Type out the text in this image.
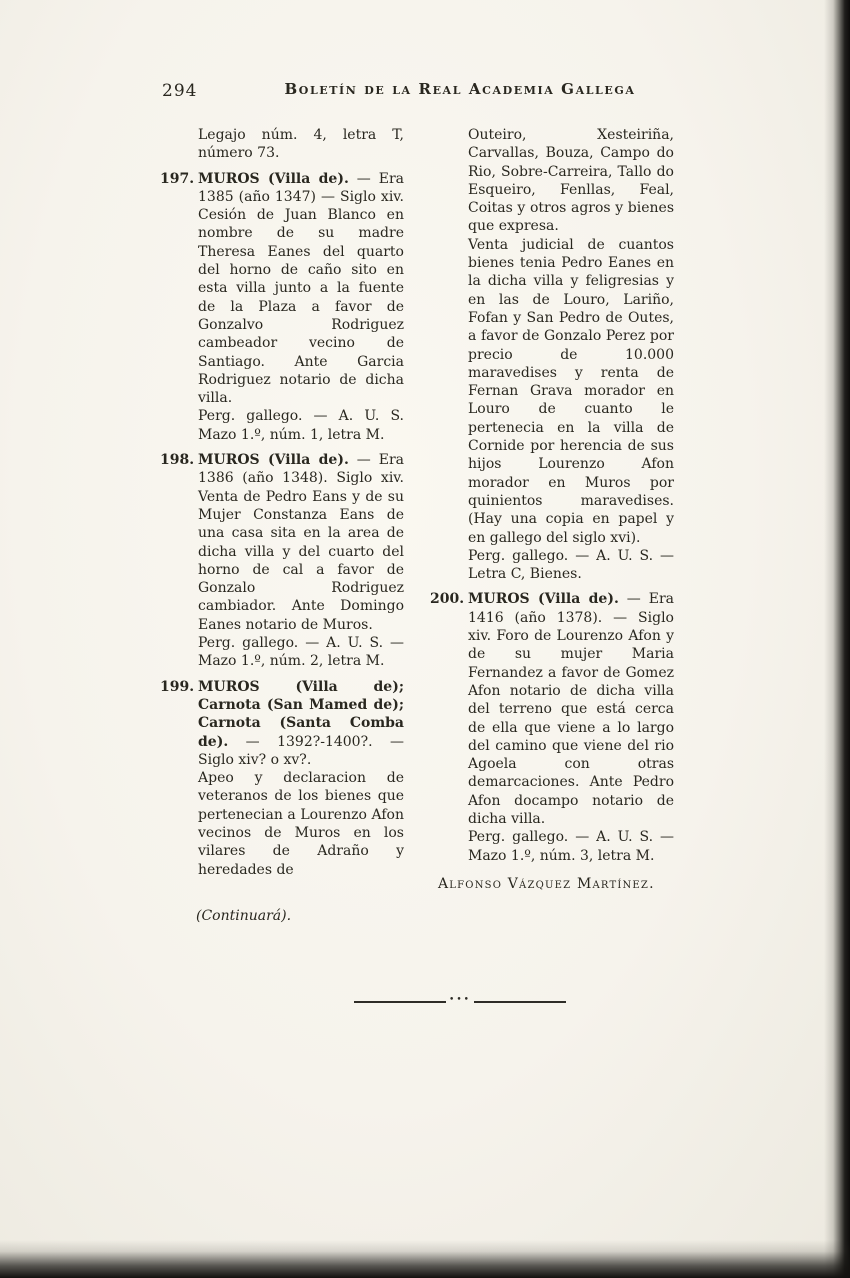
294	Boletín de la Real Academia Gallega

Legajo núm. 4, letra T, número 73.

197. MUROS (Villa de). — Era 1385 (año 1347) — Siglo xiv. Cesión de Juan Blanco en nombre de su madre Theresa Eanes del quarto del horno de caño sito en esta villa junto a la fuente de la Plaza a favor de Gonzalvo Rodriguez cambeador vecino de Santiago. Ante Garcia Rodriguez notario de dicha villa.

Perg. gallego. — A. U. S. Mazo 1.º, núm. 1, letra M.

198. MUROS (Villa de). — Era 1386 (año 1348). Siglo xiv. Venta de Pedro Eans y de su Mujer Constanza Eans de una casa sita en la area de dicha villa y del cuarto del horno de cal a favor de Gonzalo Rodriguez cambiador. Ante Domingo Eanes notario de Muros.

Perg. gallego. — A. U. S. — Mazo 1.º, núm. 2, letra M.

199. MUROS (Villa de); Carnota (San Mamed de); Carnota (Santa Comba de). — 1392?-1400?. — Siglo xiv? o xv?.

Apeo y declaracion de veteranos de los bienes que pertenecian a Lourenzo Afon vecinos de Muros en los vilares de Adraño y heredades de

Outeiro, Xesteiriña, Carvallas, Bouza, Campo do Rio, Sobre-Carreira, Tallo do Esqueiro, Fenllas, Feal, Coitas y otros agros y bienes que expresa.

Venta judicial de cuantos bienes tenia Pedro Eanes en la dicha villa y feligresias y en las de Louro, Lariño, Fofan y San Pedro de Outes, a favor de Gonzalo Perez por precio de 10.000 maravedises y renta de Fernan Grava morador en Louro de cuanto le pertenecia en la villa de Cornide por herencia de sus hijos Lourenzo Afon morador en Muros por quinientos maravedises. (Hay una copia en papel y en gallego del siglo xvi).

Perg. gallego. — A. U. S. — Letra C, Bienes.

200. MUROS (Villa de). — Era 1416 (año 1378). — Siglo xiv. Foro de Lourenzo Afon y de su mujer Maria Fernandez a favor de Gomez Afon notario de dicha villa del terreno que está cerca de ella que viene a lo largo del camino que viene del rio Agoela con otras demarcaciones. Ante Pedro Afon docampo notario de dicha villa.

Perg. gallego. — A. U. S. — Mazo 1.º, núm. 3, letra M.

Alfonso Vázquez Martínez.
(Continuará).
•••
